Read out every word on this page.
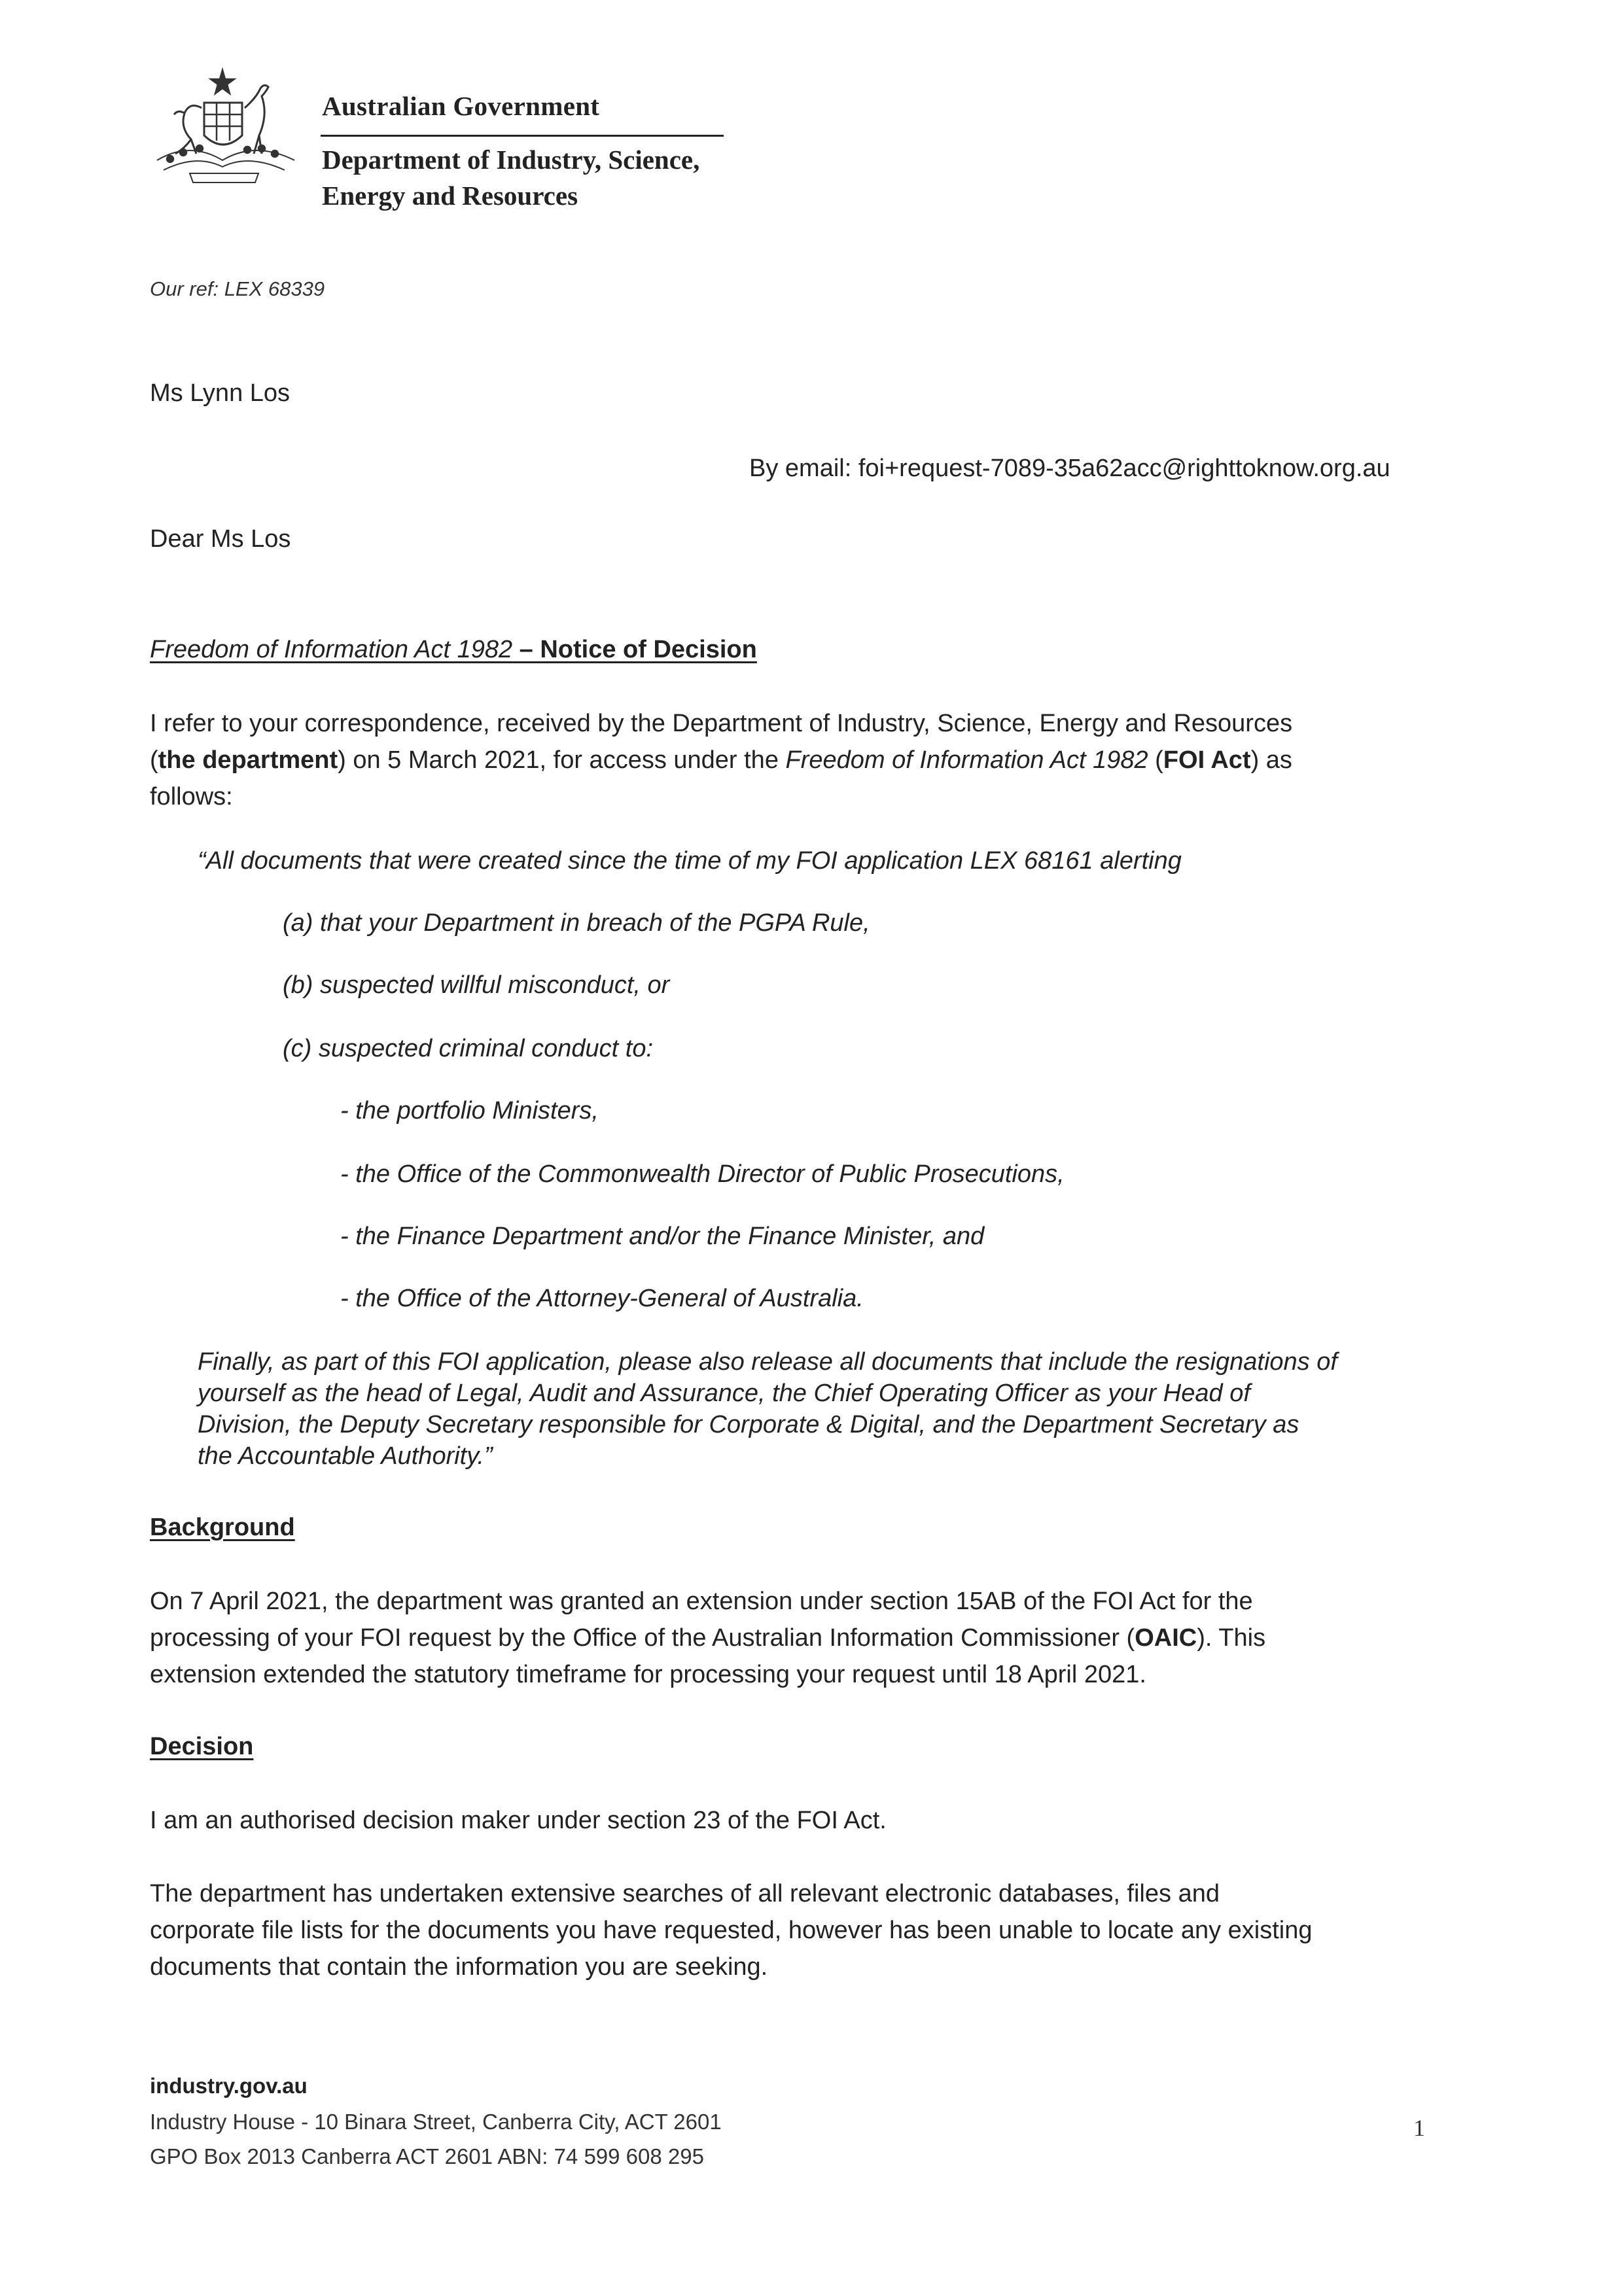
Australian Government
Department of Industry, Science,
Energy and Resources
Our ref: LEX 68339
Ms Lynn Los
By email: foi+request-7089-35a62acc@righttoknow.org.au
Dear Ms Los
Freedom of Information Act 1982 – Notice of Decision
I refer to your correspondence, received by the Department of Industry, Science, Energy and Resources
(the department) on 5 March 2021, for access under the Freedom of Information Act 1982 (FOI Act) as
follows:
“All documents that were created since the time of my FOI application LEX 68161 alerting
(a) that your Department in breach of the PGPA Rule,
(b) suspected willful misconduct, or
(c) suspected criminal conduct to:
- the portfolio Ministers,
- the Office of the Commonwealth Director of Public Prosecutions,
- the Finance Department and/or the Finance Minister, and
- the Office of the Attorney-General of Australia.
Finally, as part of this FOI application, please also release all documents that include the resignations of
yourself as the head of Legal, Audit and Assurance, the Chief Operating Officer as your Head of
Division, the Deputy Secretary responsible for Corporate & Digital, and the Department Secretary as
the Accountable Authority.”
Background
On 7 April 2021, the department was granted an extension under section 15AB of the FOI Act for the
processing of your FOI request by the Office of the Australian Information Commissioner (OAIC). This
extension extended the statutory timeframe for processing your request until 18 April 2021.
Decision
I am an authorised decision maker under section 23 of the FOI Act.
The department has undertaken extensive searches of all relevant electronic databases, files and
corporate file lists for the documents you have requested, however has been unable to locate any existing
documents that contain the information you are seeking.
industry.gov.au
Industry House - 10 Binara Street, Canberra City, ACT 2601
GPO Box 2013 Canberra ACT 2601 ABN: 74 599 608 295
1
